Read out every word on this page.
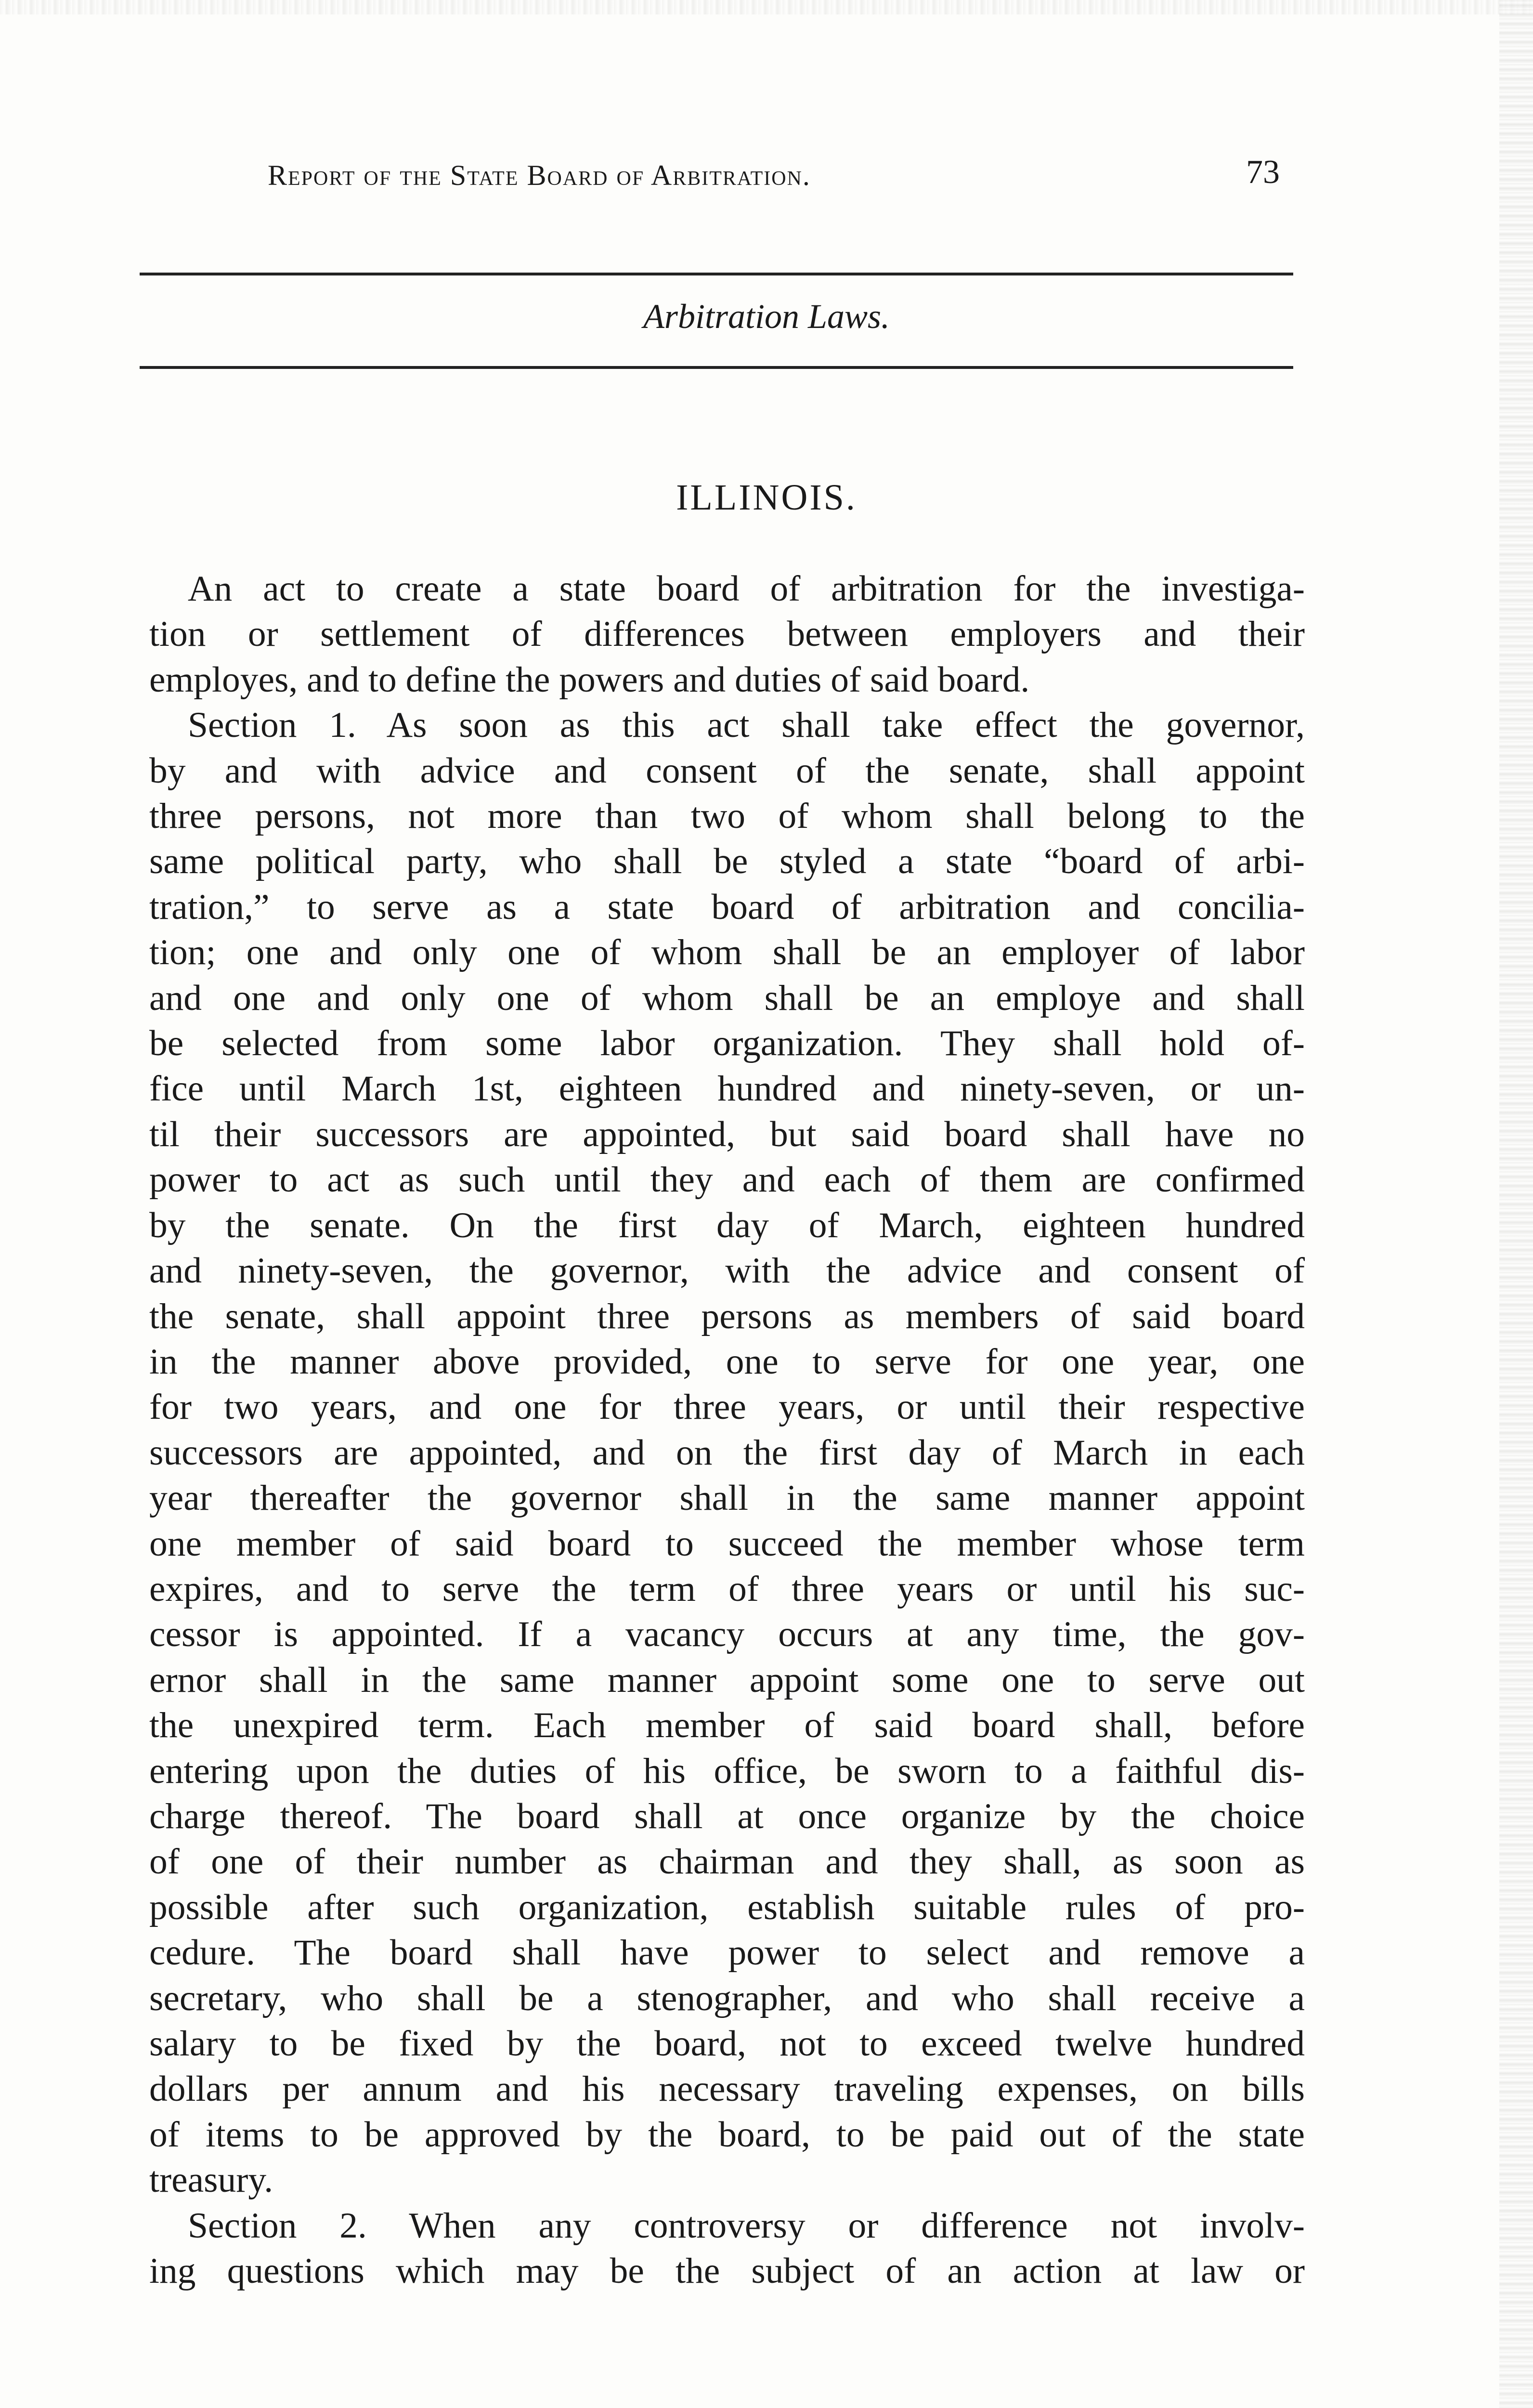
Report of the State Board of Arbitration.	73
Arbitration Laws.
ILLINOIS.
An act to create a state board of arbitration for the investiga-
tion or settlement of differences between employers and their
employes, and to define the powers and duties of said board.
Section 1. As soon as this act shall take effect the governor,
by and with advice and consent of the senate, shall appoint
three persons, not more than two of whom shall belong to the
same political party, who shall be styled a state “board of arbi-
tration,” to serve as a state board of arbitration and concilia-
tion; one and only one of whom shall be an employer of labor
and one and only one of whom shall be an employe and shall
be selected from some labor organization. They shall hold of-
fice until March 1st, eighteen hundred and ninety-seven, or un-
til their successors are appointed, but said board shall have no
power to act as such until they and each of them are confirmed
by the senate. On the first day of March, eighteen hundred
and ninety-seven, the governor, with the advice and consent of
the senate, shall appoint three persons as members of said board
in the manner above provided, one to serve for one year, one
for two years, and one for three years, or until their respective
successors are appointed, and on the first day of March in each
year thereafter the governor shall in the same manner appoint
one member of said board to succeed the member whose term
expires, and to serve the term of three years or until his suc-
cessor is appointed. If a vacancy occurs at any time, the gov-
ernor shall in the same manner appoint some one to serve out
the unexpired term. Each member of said board shall, before
entering upon the duties of his office, be sworn to a faithful dis-
charge thereof. The board shall at once organize by the choice
of one of their number as chairman and they shall, as soon as
possible after such organization, establish suitable rules of pro-
cedure. The board shall have power to select and remove a
secretary, who shall be a stenographer, and who shall receive a
salary to be fixed by the board, not to exceed twelve hundred
dollars per annum and his necessary traveling expenses, on bills
of items to be approved by the board, to be paid out of the state
treasury.
Section 2. When any controversy or difference not involv-
ing questions which may be the subject of an action at law or
